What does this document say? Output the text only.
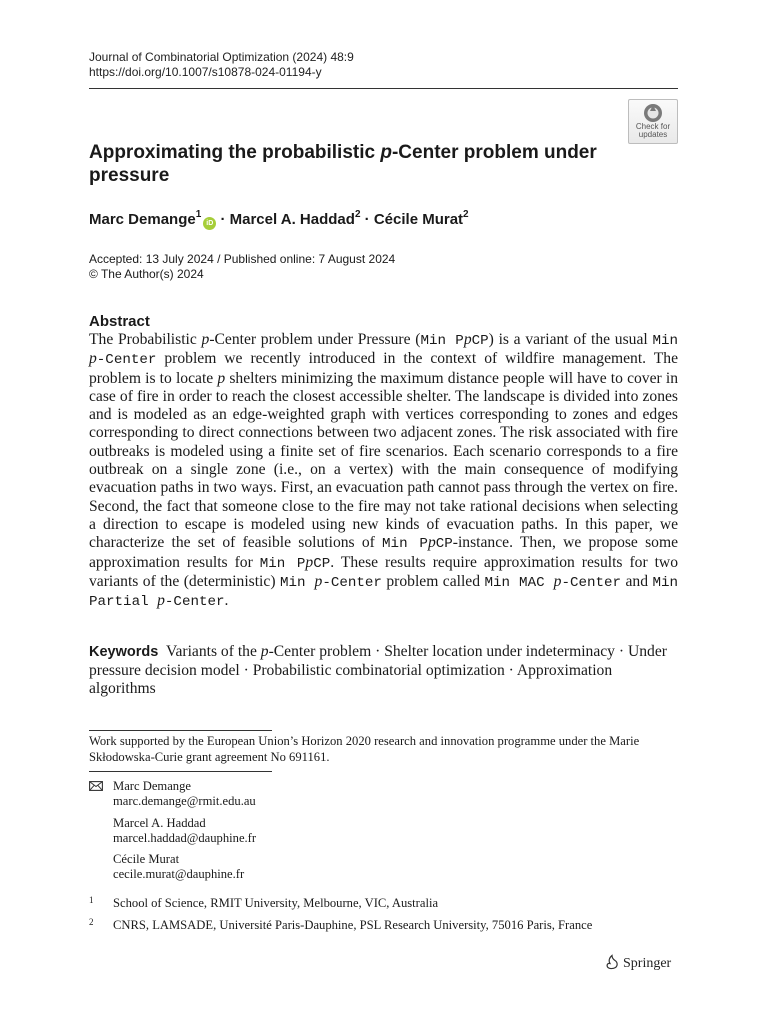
Journal of Combinatorial Optimization (2024) 48:9
https://doi.org/10.1007/s10878-024-01194-y
Check for
updates
Approximating the probabilistic p-Center problem under pressure
Marc Demange$^1$iD · Marcel A. Haddad$^2$ · Cécile Murat$^2$
Accepted: 13 July 2024 / Published online: 7 August 2024
© The Author(s) 2024
Abstract
The Probabilistic p-Center problem under Pressure (Min PpCP) is a variant of the usual Min p-Center problem we recently introduced in the context of wildfire management. The problem is to locate p shelters minimizing the maximum distance people will have to cover in case of fire in order to reach the closest accessible shelter. The landscape is divided into zones and is modeled as an edge-weighted graph with vertices corresponding to zones and edges corresponding to direct connections between two adjacent zones. The risk associated with fire outbreaks is modeled using a finite set of fire scenarios. Each scenario corresponds to a fire outbreak on a single zone (i.e., on a vertex) with the main consequence of modifying evacuation paths in two ways. First, an evacuation path cannot pass through the vertex on fire. Second, the fact that someone close to the fire may not take rational decisions when selecting a direction to escape is modeled using new kinds of evacuation paths. In this paper, we characterize the set of feasible solutions of Min PpCP-instance. Then, we propose some approximation results for Min PpCP. These results require approximation results for two variants of the (deterministic) Min p-Center problem called Min MAC p-Center and Min Partial p-Center.
Keywords Variants of the p-Center problem · Shelter location under indeterminacy · Under pressure decision model · Probabilistic combinatorial optimization · Approximation algorithms
Work supported by the European Union’s Horizon 2020 research and innovation programme under the Marie Skłodowska-Curie grant agreement No 691161.
Marc Demange
marc.demange@rmit.edu.au
Marcel A. Haddad
marcel.haddad@dauphine.fr
Cécile Murat
cecile.murat@dauphine.fr
1 School of Science, RMIT University, Melbourne, VIC, Australia
2 CNRS, LAMSADE, Université Paris-Dauphine, PSL Research University, 75016 Paris, France
Springer
